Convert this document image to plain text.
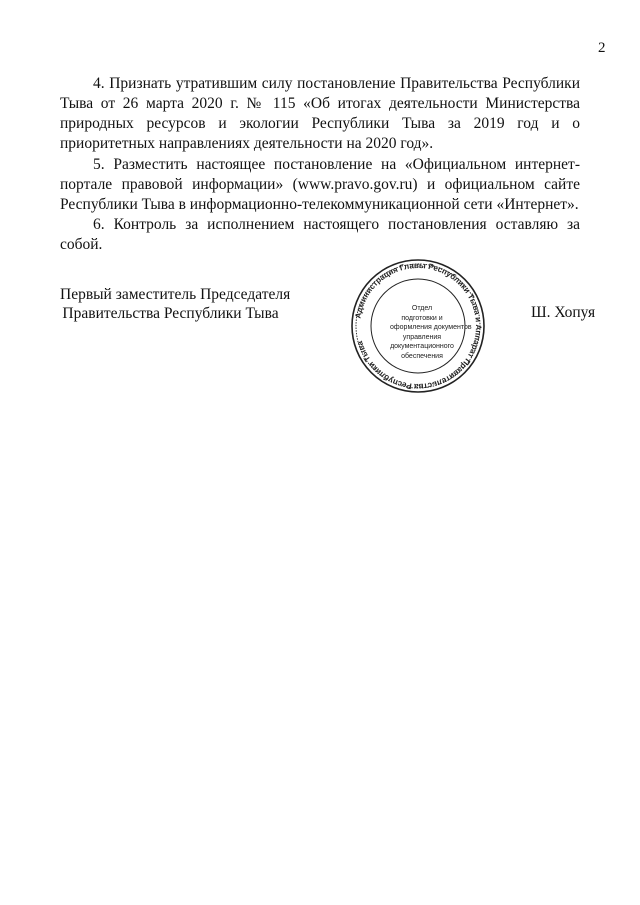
2

4. Признать утратившим силу постановление Правительства Республики Тыва от 26 марта 2020 г. № 115 «Об итогах деятельности Министерства природных ресурсов и экологии Республики Тыва за 2019 год и о приоритетных направлениях деятельности на 2020 год».

5. Разместить настоящее постановление на «Официальном интернет-портале правовой информации» (www.pravo.gov.ru) и официальном сайте Республики Тыва в информационно-телекоммуникационной сети «Интернет».

6. Контроль за исполнением настоящего постановления оставляю за собой.

Первый заместитель Председателя
Правительства Республики Тыва	Администрация Главы Республики Тыва и Аппарат Правительства Республики Тыва
Отдел
подготовки и
оформления документов
управления
документационного
обеспечения
Ш. Хопуя
